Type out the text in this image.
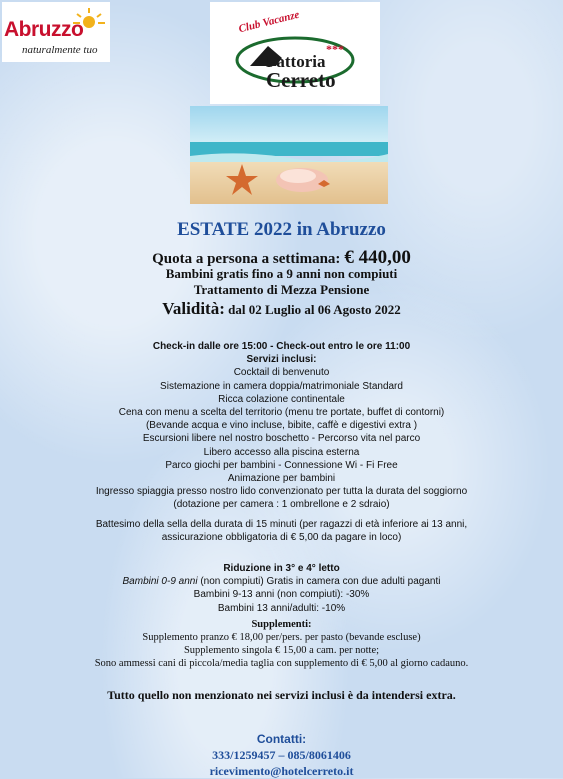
Abruzzo
naturalmente tuo
Club Vacanze
***
Fattoria
Cerreto
ESTATE 2022 in Abruzzo
Quota a persona a settimana: € 440,00
Bambini gratis fino a 9 anni non compiuti
Trattamento di Mezza Pensione
Validità: dal 02 Luglio al 06 Agosto 2022
Check-in dalle ore 15:00 - Check-out entro le ore 11:00
Servizi inclusi:
Cocktail di benvenuto
Sistemazione in camera doppia/matrimoniale Standard
Ricca colazione continentale
Cena con menu a scelta del territorio (menu tre portate, buffet di contorni)
(Bevande acqua e vino incluse, bibite, caffè e digestivi extra )
Escursioni libere nel nostro boschetto - Percorso vita nel parco
Libero accesso alla piscina esterna
Parco giochi per bambini - Connessione Wi - Fi Free
Animazione per bambini
Ingresso spiaggia presso nostro lido convenzionato per tutta la durata del soggiorno
(dotazione per camera : 1 ombrellone e 2 sdraio)
Battesimo della sella della durata di 15 minuti (per ragazzi di età inferiore ai 13 anni,
assicurazione obbligatoria di € 5,00 da pagare in loco)
Riduzione in 3° e 4° letto
Bambini 0-9 anni (non compiuti) Gratis in camera con due adulti paganti
Bambini 9-13 anni (non compiuti): -30%
Bambini 13 anni/adulti: -10%
Supplementi:
Supplemento pranzo € 18,00 per/pers. per pasto (bevande escluse)
Supplemento singola € 15,00 a cam. per notte;
Sono ammessi cani di piccola/media taglia con supplemento di € 5,00 al giorno cadauno.
Tutto quello non menzionato nei servizi inclusi è da intendersi extra.
Contatti:
333/1259457 – 085/8061406
ricevimento@hotelcerreto.it
